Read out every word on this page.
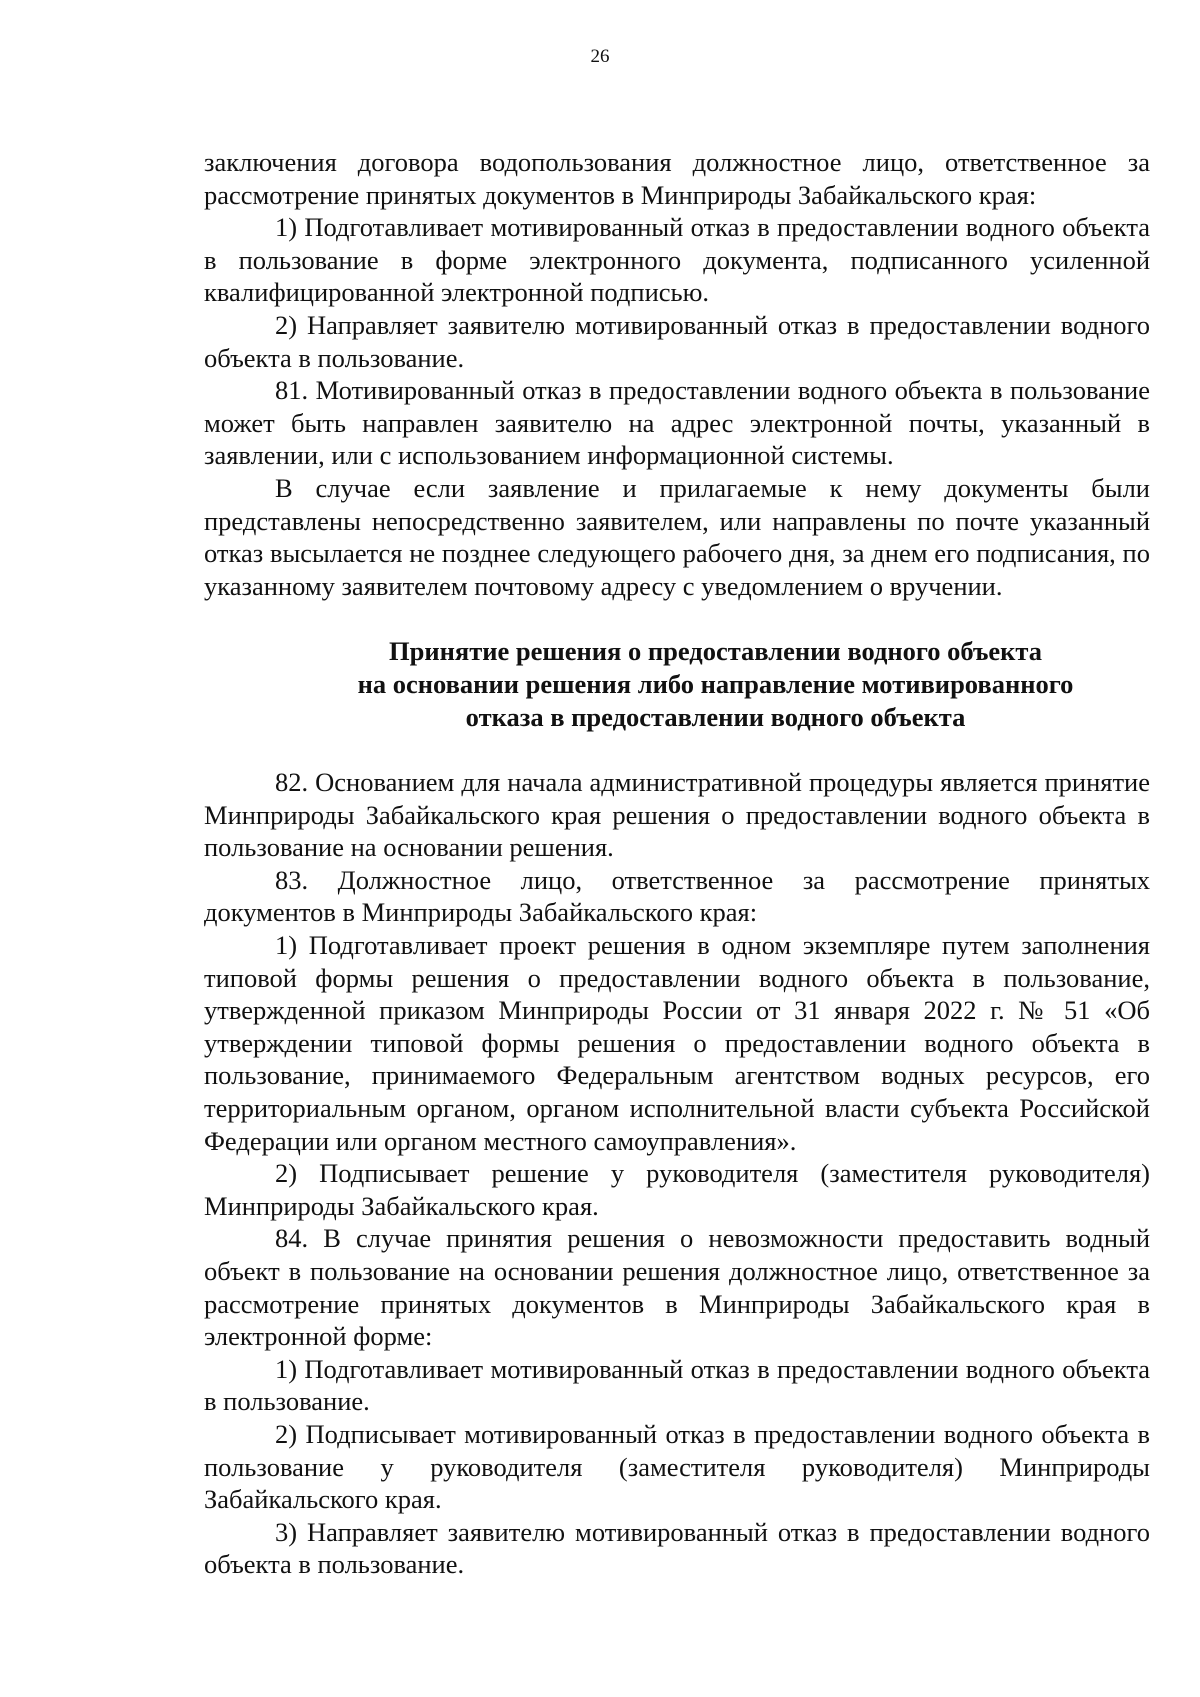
26

заключения договора водопользования должностное лицо, ответственное за рассмотрение принятых документов в Минприроды Забайкальского края:

1) Подготавливает мотивированный отказ в предоставлении водного объекта в пользование в форме электронного документа, подписанного усиленной квалифицированной электронной подписью.

2) Направляет заявителю мотивированный отказ в предоставлении водного объекта в пользование.

81. Мотивированный отказ в предоставлении водного объекта в пользование может быть направлен заявителю на адрес электронной почты, указанный в заявлении, или с использованием информационной системы.

В случае если заявление и прилагаемые к нему документы были представлены непосредственно заявителем, или направлены по почте указанный отказ высылается не позднее следующего рабочего дня, за днем его подписания, по указанному заявителем почтовому адресу с уведомлением о вручении.

Принятие решения о предоставлении водного объекта
на основании решения либо направление мотивированного
отказа в предоставлении водного объекта

82. Основанием для начала административной процедуры является принятие Минприроды Забайкальского края решения о предоставлении водного объекта в пользование на основании решения.

83. Должностное лицо, ответственное за рассмотрение принятых документов в Минприроды Забайкальского края:

1) Подготавливает проект решения в одном экземпляре путем заполнения типовой формы решения о предоставлении водного объекта в пользование, утвержденной приказом Минприроды России от 31 января 2022 г. № 51 «Об утверждении типовой формы решения о предоставлении водного объекта в пользование, принимаемого Федеральным агентством водных ресурсов, его территориальным органом, органом исполнительной власти субъекта Российской Федерации или органом местного самоуправления».

2) Подписывает решение у руководителя (заместителя руководителя) Минприроды Забайкальского края.

84. В случае принятия решения о невозможности предоставить водный объект в пользование на основании решения должностное лицо, ответственное за рассмотрение принятых документов в Минприроды Забайкальского края в электронной форме:

1) Подготавливает мотивированный отказ в предоставлении водного объекта в пользование.

2) Подписывает мотивированный отказ в предоставлении водного объекта в пользование у руководителя (заместителя руководителя) Минприроды Забайкальского края.

3) Направляет заявителю мотивированный отказ в предоставлении водного объекта в пользование.
